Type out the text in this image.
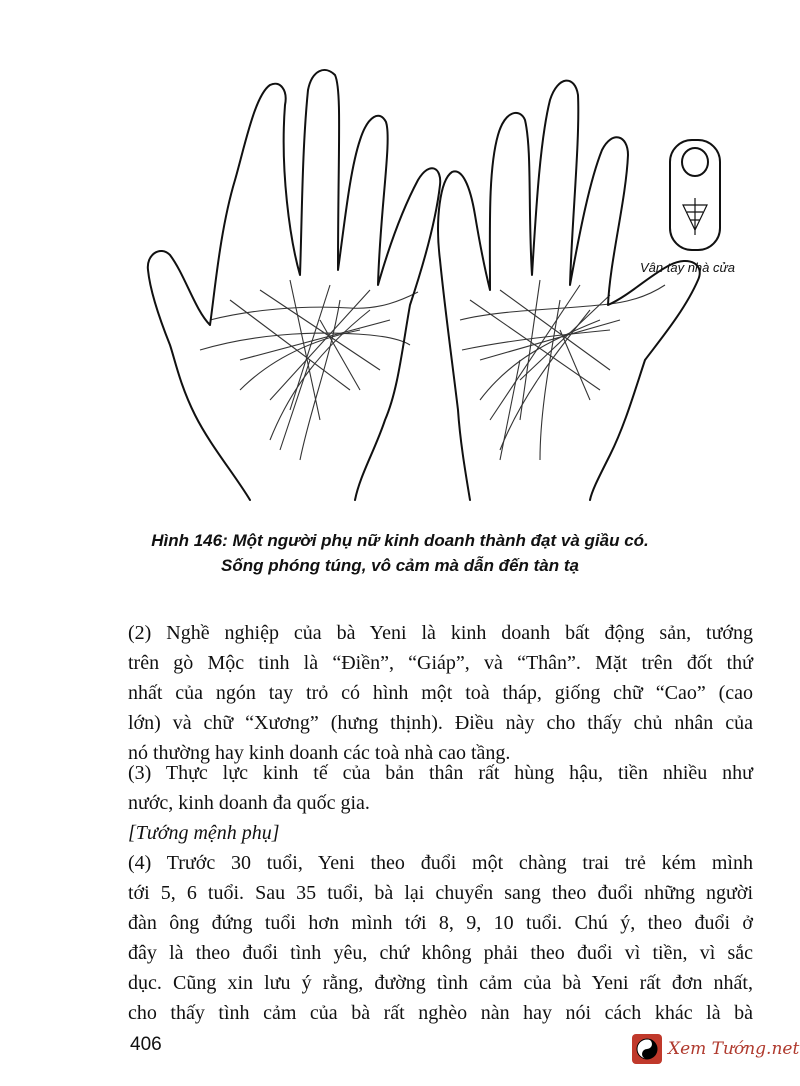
Vân tay nhà cửa
Hình 146: Một người phụ nữ kinh doanh thành đạt và giầu có.
Sống phóng túng, vô cảm mà dẫn đến tàn tạ
(2) Nghề nghiệp của bà Yeni là kinh doanh bất động sản, tướng
trên gò Mộc tinh là “Điền”, “Giáp”, và “Thân”. Mặt trên đốt thứ
nhất của ngón tay trỏ có hình một toà tháp, giống chữ “Cao” (cao
lớn) và chữ “Xương” (hưng thịnh). Điều này cho thấy chủ nhân của
nó thường hay kinh doanh các toà nhà cao tầng.
(3) Thực lực kinh tế của bản thân rất hùng hậu, tiền nhiều như
nước, kinh doanh đa quốc gia.
[Tướng mệnh phụ]
(4) Trước 30 tuổi, Yeni theo đuổi một chàng trai trẻ kém mình
tới 5, 6 tuổi. Sau 35 tuổi, bà lại chuyển sang theo đuổi những người
đàn ông đứng tuổi hơn mình tới 8, 9, 10 tuổi. Chú ý, theo đuổi ở
đây là theo đuổi tình yêu, chứ không phải theo đuổi vì tiền, vì sắc
dục. Cũng xin lưu ý rằng, đường tình cảm của bà Yeni rất đơn nhất,
cho thấy tình cảm của bà rất nghèo nàn hay nói cách khác là bà
406	Xem Tướng.net
